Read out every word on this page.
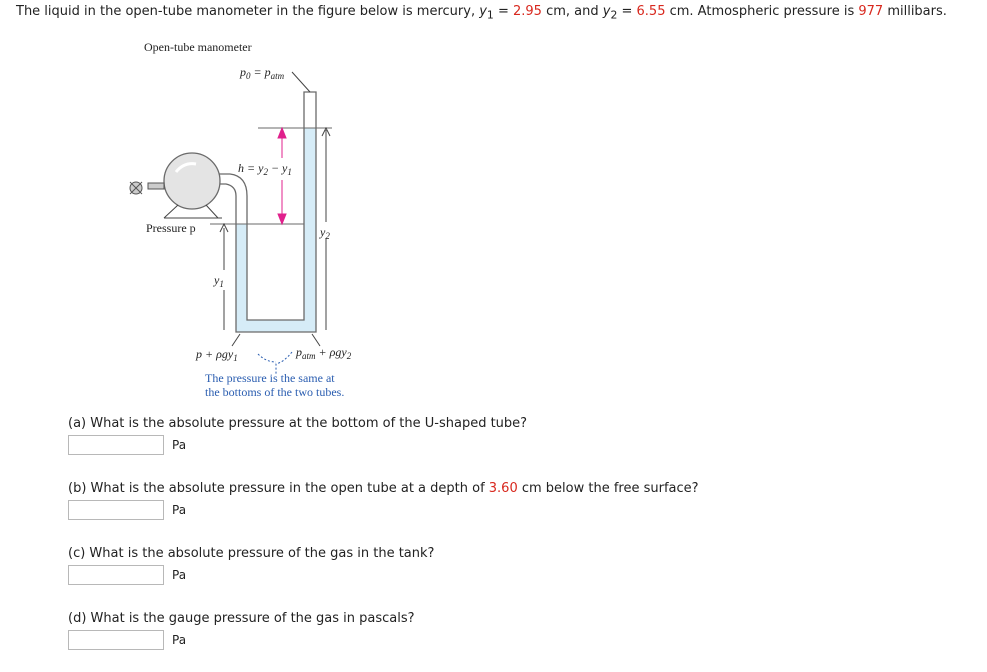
The liquid in the open-tube manometer in the figure below is mercury, $y_1 = 2.95$ cm, and $y_2 = 6.55$ cm. Atmospheric pressure is 977 millibars.
Open-tube manometer
$p_0 = p_{atm}$
$h = y_2 - y_1$
Pressure p
$y_1$
$y_2$
p + ρgy$_1$	$p_{atm} + \rho gy_2$
The pressure is the same at
the bottoms of the two tubes.
(a) What is the absolute pressure at the bottom of the U-shaped tube?
Pa
(b) What is the absolute pressure in the open tube at a depth of 3.60 cm below the free surface?
Pa
(c) What is the absolute pressure of the gas in the tank?
Pa
(d) What is the gauge pressure of the gas in pascals?
Pa
